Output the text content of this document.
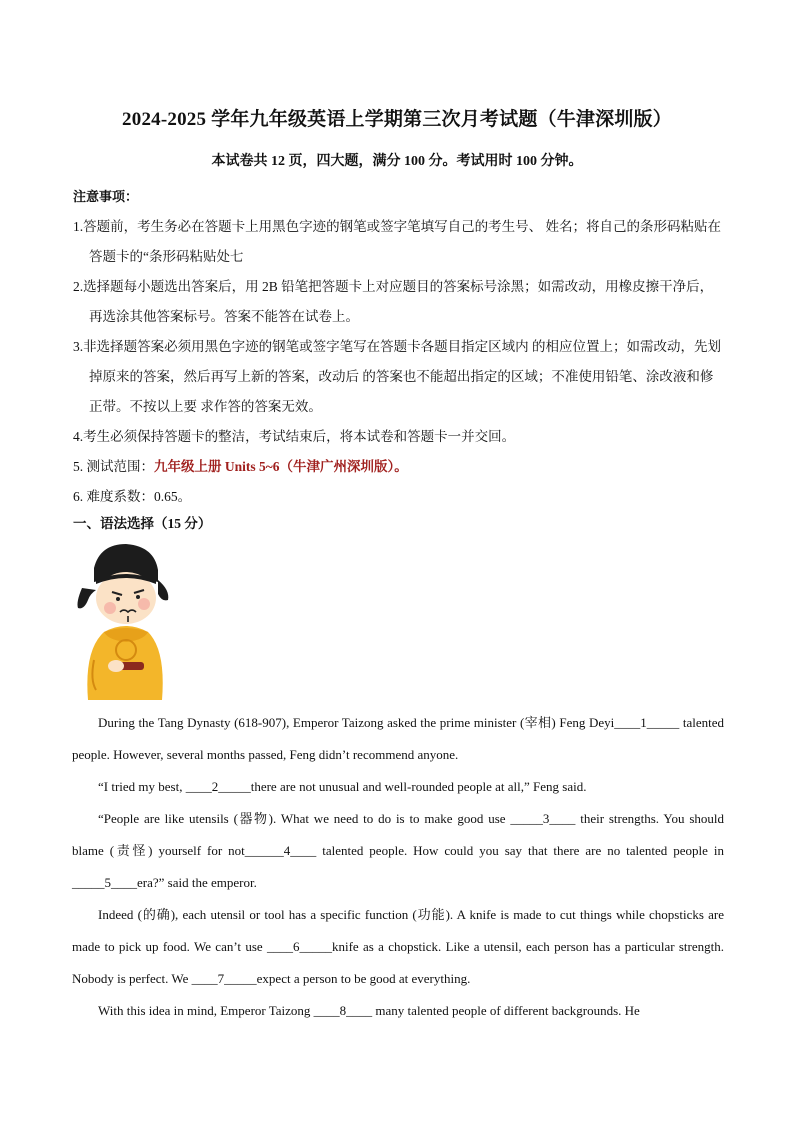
2024-2025 学年九年级英语上学期第三次月考试题（牛津深圳版）
本试卷共 12 页，四大题，满分 100 分。考试用时 100 分钟。
注意事项：
1.答题前，考生务必在答题卡上用黑色字迹的钢笔或签字笔填写自己的考生号、 姓名；将自己的条形码粘贴在答题卡的“条形码粘贴处七
2.选择题每小题选出答案后，用 2B 铅笔把答题卡上对应题目的答案标号涂黑；如需改动，用橡皮擦干净后，再选涂其他答案标号。答案不能答在试卷上。
3.非选择题答案必须用黑色字迹的钢笔或签字笔写在答题卡各题目指定区域内 的相应位置上；如需改动，先划掉原来的答案，然后再写上新的答案，改动后 的答案也不能超出指定的区域；不准使用铅笔、涂改液和修正带。不按以上要 求作答的答案无效。
4.考生必须保持答题卡的整洁，考试结束后，将本试卷和答题卡一并交回。
5. 测试范围：九年级上册 Units 5~6（牛津广州深圳版）。
6. 难度系数：0.65。
一、语法选择（15 分）

During the Tang Dynasty (618-907), Emperor Taizong asked the prime minister (宰相) Feng Deyi____1_____ talented people. However, several months passed, Feng didn’t recommend anyone.

“I tried my best, ____2_____there are not unusual and well-rounded people at all,” Feng said.

“People are like utensils (器物). What we need to do is to make good use _____3____ their strengths. You should blame (责怪) yourself for not______4____ talented people. How could you say that there are no talented people in _____5____era?” said the emperor.

Indeed (的确), each utensil or tool has a specific function (功能). A knife is made to cut things while chopsticks are made to pick up food. We can’t use ____6_____knife as a chopstick. Like a utensil, each person has a particular strength. Nobody is perfect. We ____7_____expect a person to be good at everything.

With this idea in mind, Emperor Taizong ____8____ many talented people of different backgrounds. He
